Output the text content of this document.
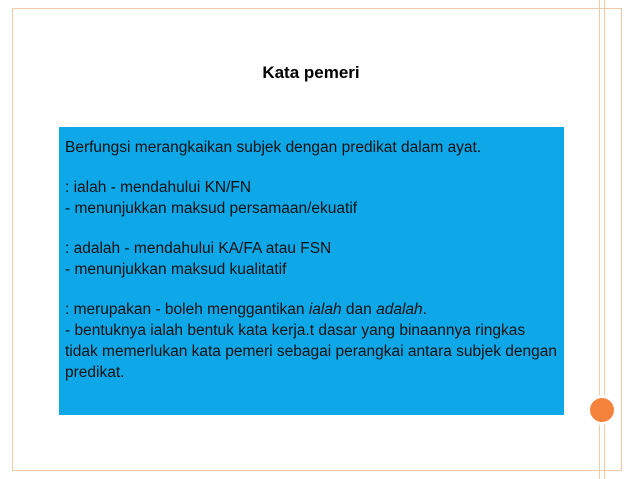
Kata pemeri
Berfungsi merangkaikan subjek dengan predikat dalam ayat.
: ialah - mendahului KN/FN
- menunjukkan maksud persamaan/ekuatif
: adalah - mendahului KA/FA atau FSN
- menunjukkan maksud kualitatif
: merupakan - boleh menggantikan ialah dan adalah.
- bentuknya ialah bentuk kata kerja.t dasar yang binaannya ringkas tidak memerlukan kata pemeri sebagai perangkai antara subjek dengan predikat.
